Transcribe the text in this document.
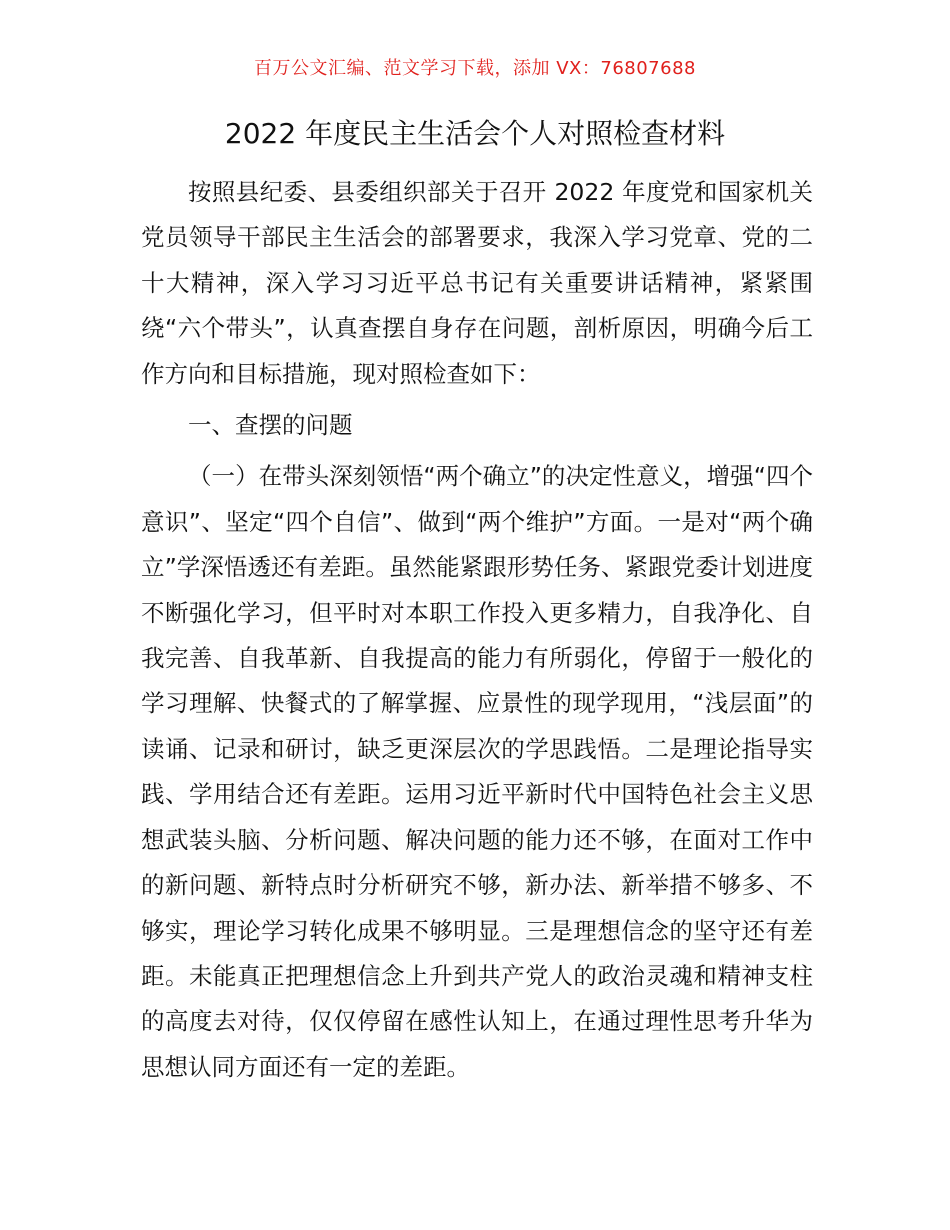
百万公文汇编、范文学习下载，添加 VX：76807688
2022 年度民主生活会个人对照检查材料

按照县纪委、县委组织部关于召开 2022 年度党和国家机关党员领导干部民主生活会的部署要求，我深入学习党章、党的二十大精神，深入学习习近平总书记有关重要讲话精神，紧紧围绕“六个带头”，认真查摆自身存在问题，剖析原因，明确今后工作方向和目标措施，现对照检查如下：

一、查摆的问题

（一）在带头深刻领悟“两个确立”的决定性意义，增强“四个意识”、坚定“四个自信”、做到“两个维护”方面。一是对“两个确立”学深悟透还有差距。虽然能紧跟形势任务、紧跟党委计划进度不断强化学习，但平时对本职工作投入更多精力，自我净化、自我完善、自我革新、自我提高的能力有所弱化，停留于一般化的学习理解、快餐式的了解掌握、应景性的现学现用，“浅层面”的读诵、记录和研讨，缺乏更深层次的学思践悟。二是理论指导实践、学用结合还有差距。运用习近平新时代中国特色社会主义思想武装头脑、分析问题、解决问题的能力还不够，在面对工作中的新问题、新特点时分析研究不够，新办法、新举措不够多、不够实，理论学习转化成果不够明显。三是理想信念的坚守还有差距。未能真正把理想信念上升到共产党人的政治灵魂和精神支柱的高度去对待，仅仅停留在感性认知上，在通过理性思考升华为思想认同方面还有一定的差距。
